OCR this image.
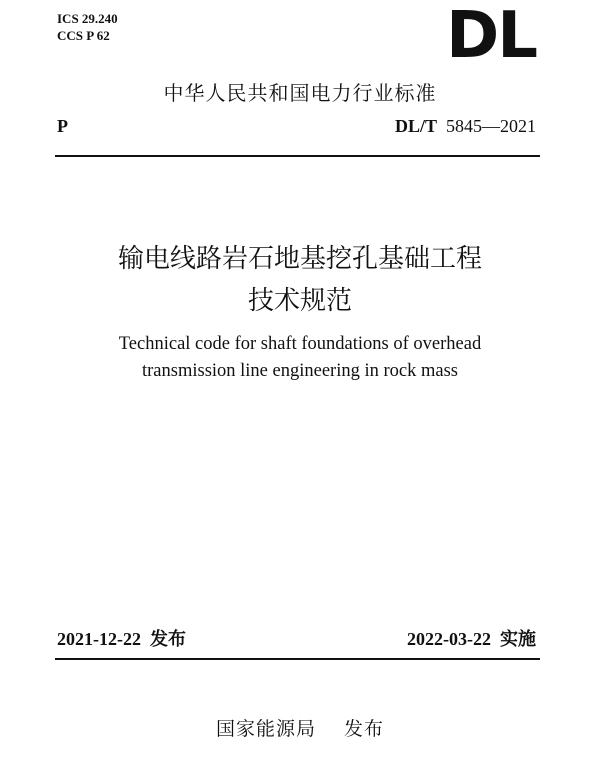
ICS 29.240
CCS P 62	DL
中华人民共和国电力行业标准
P	DL/T 5845—2021
输电线路岩石地基挖孔基础工程
技术规范
Technical code for shaft foundations of overhead
transmission line engineering in rock mass
2021-12-22 发布	2022-03-22 实施
国家能源局 发布
